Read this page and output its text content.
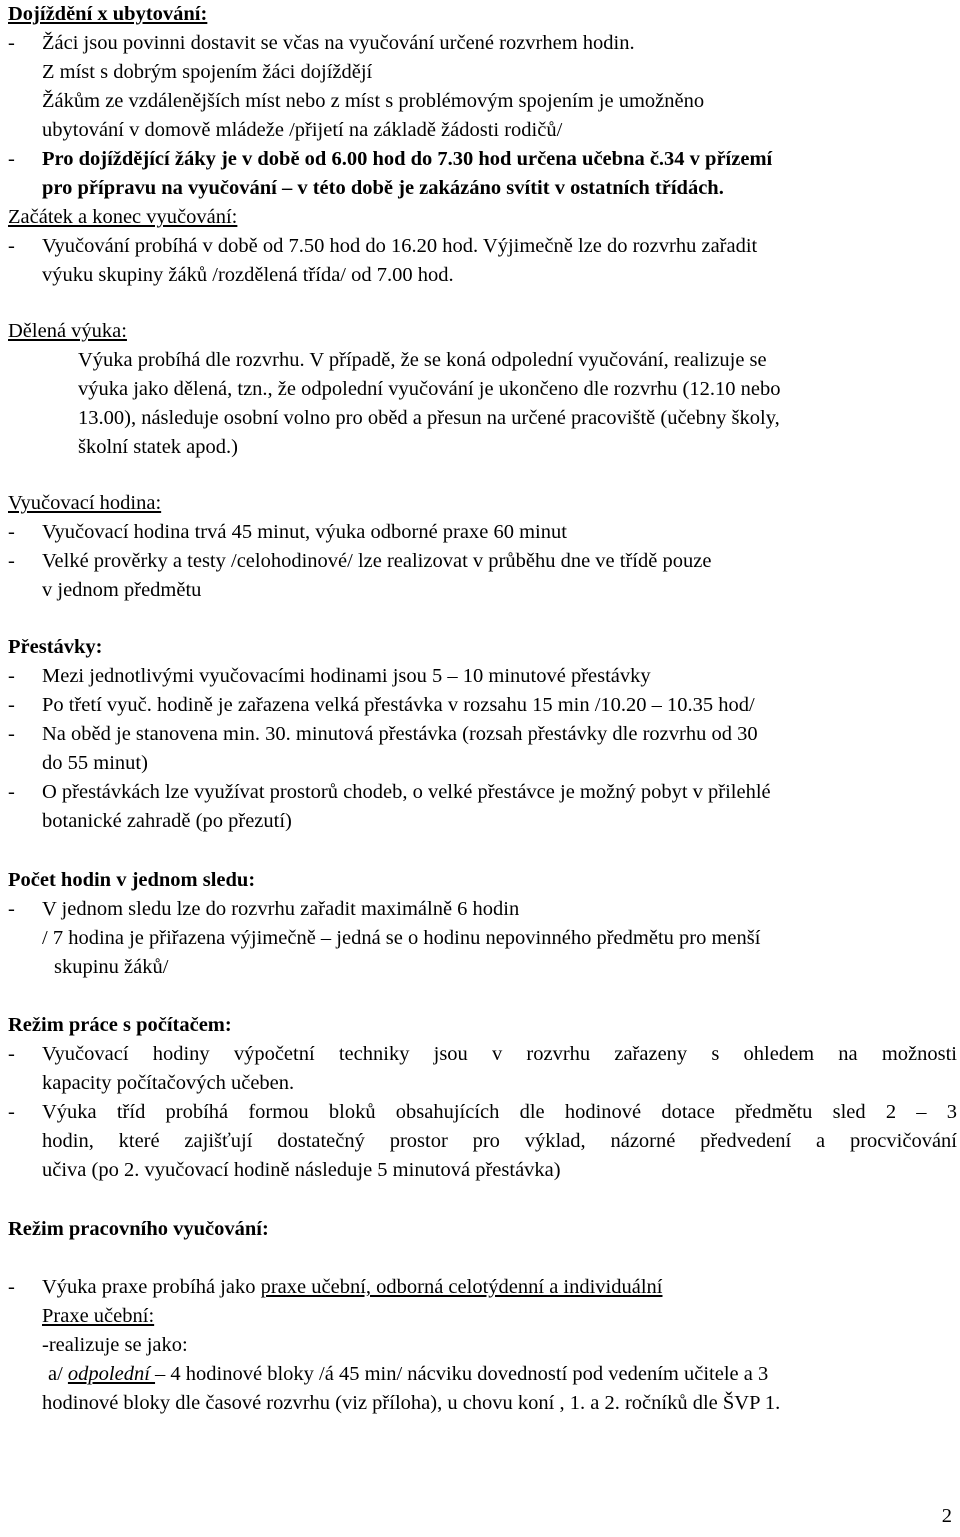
Dojíždění x ubytování:
- Žáci jsou povinni dostavit se včas na vyučování určené rozvrhem hodin.
Z míst s dobrým spojením žáci dojíždějí
Žákům ze vzdálenějších míst nebo z míst s problémovým spojením je umožněno
ubytování v domově mládeže /přijetí na základě žádosti rodičů/
- Pro dojíždějící žáky je v době od 6.00 hod do 7.30 hod určena učebna č.34 v přízemí
pro přípravu na vyučování – v této době je zakázáno svítit v ostatních třídách.
Začátek a konec vyučování:
- Vyučování probíhá v době od 7.50 hod do 16.20 hod. Výjimečně lze do rozvrhu zařadit
výuku skupiny žáků /rozdělená třída/ od 7.00 hod.
Dělená výuka:
Výuka probíhá dle rozvrhu. V případě, že se koná odpolední vyučování, realizuje se
výuka jako dělená, tzn., že odpolední vyučování je ukončeno dle rozvrhu (12.10 nebo
13.00), následuje osobní volno pro oběd a přesun na určené pracoviště (učebny školy,
školní statek apod.)
Vyučovací hodina:
- Vyučovací hodina trvá 45 minut, výuka odborné praxe 60 minut
- Velké prověrky a testy /celohodinové/ lze realizovat v průběhu dne ve třídě pouze
v jednom předmětu
Přestávky:
- Mezi jednotlivými vyučovacími hodinami jsou 5 – 10 minutové přestávky
- Po třetí vyuč. hodině je zařazena velká přestávka v rozsahu 15 min /10.20 – 10.35 hod/
- Na oběd je stanovena min. 30. minutová přestávka (rozsah přestávky dle rozvrhu od 30
do 55 minut)
- O přestávkách lze využívat prostorů chodeb, o velké přestávce je možný pobyt v přilehlé
botanické zahradě (po přezutí)
Počet hodin v jednom sledu:
- V jednom sledu lze do rozvrhu zařadit maximálně 6 hodin
/ 7 hodina je přiřazena výjimečně – jedná se o hodinu nepovinného předmětu pro menší
skupinu žáků/
Režim práce s počítačem:
- Vyučovací hodiny výpočetní techniky jsou v rozvrhu zařazeny s ohledem na možnosti
kapacity počítačových učeben.
- Výuka tříd probíhá formou bloků obsahujících dle hodinové dotace předmětu sled 2 – 3
hodin, které zajišťují dostatečný prostor pro výklad, názorné předvedení a procvičování
učiva (po 2. vyučovací hodině následuje 5 minutová přestávka)
Režim pracovního vyučování:
- Výuka praxe probíhá jako praxe učební, odborná celotýdenní a individuální
Praxe učební:
-realizuje se jako:
a/ odpolední – 4 hodinové bloky /á 45 min/ nácviku dovedností pod vedením učitele a 3
hodinové bloky dle časové rozvrhu (viz příloha), u chovu koní , 1. a 2. ročníků dle ŠVP 1.
2
